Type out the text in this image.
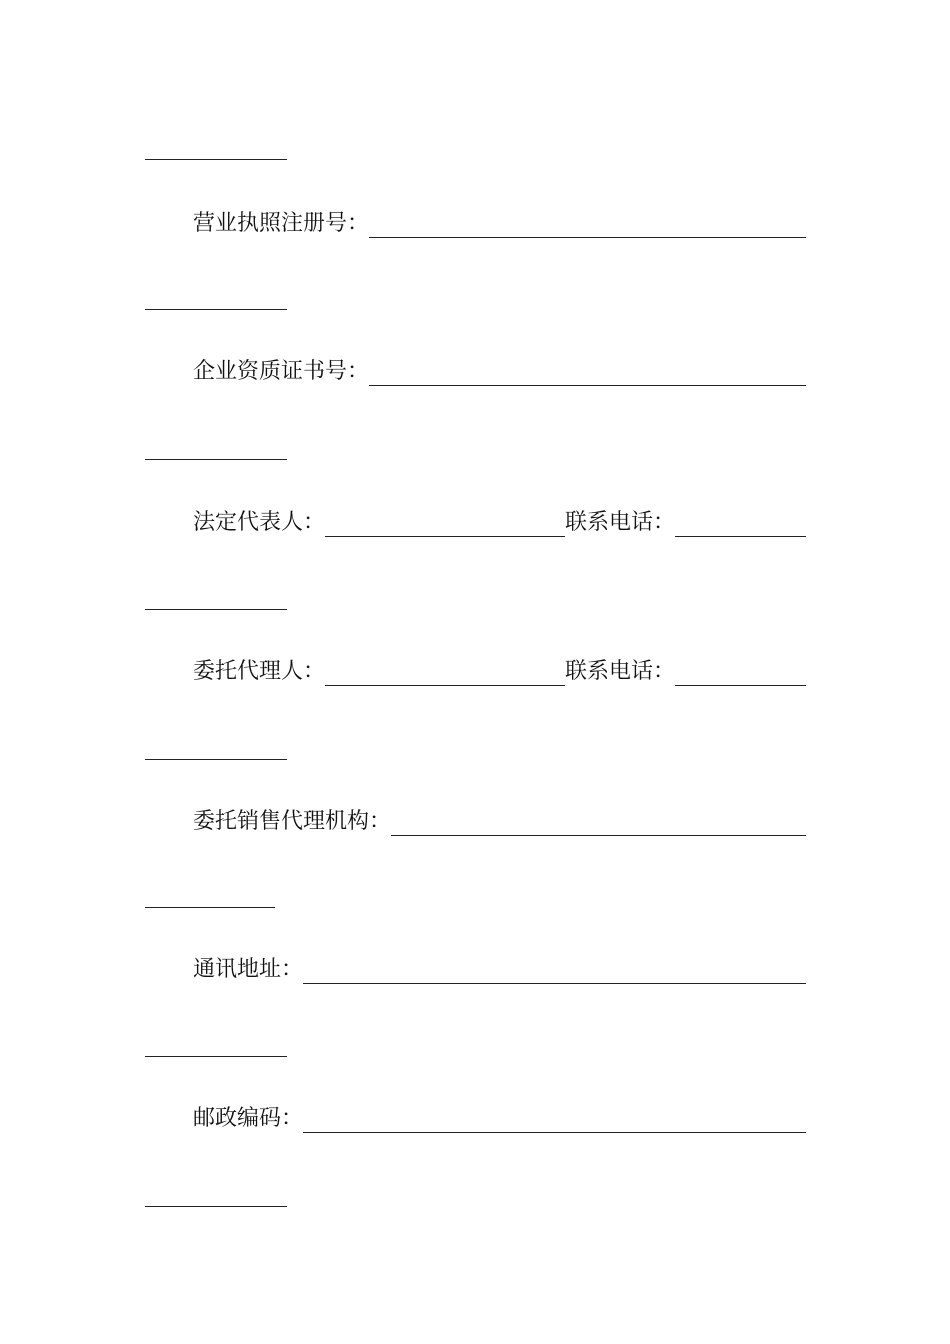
营业执照注册号：
企业资质证书号：
法定代表人：	联系电话：
委托代理人：	联系电话：
委托销售代理机构：
通讯地址：
邮政编码：
